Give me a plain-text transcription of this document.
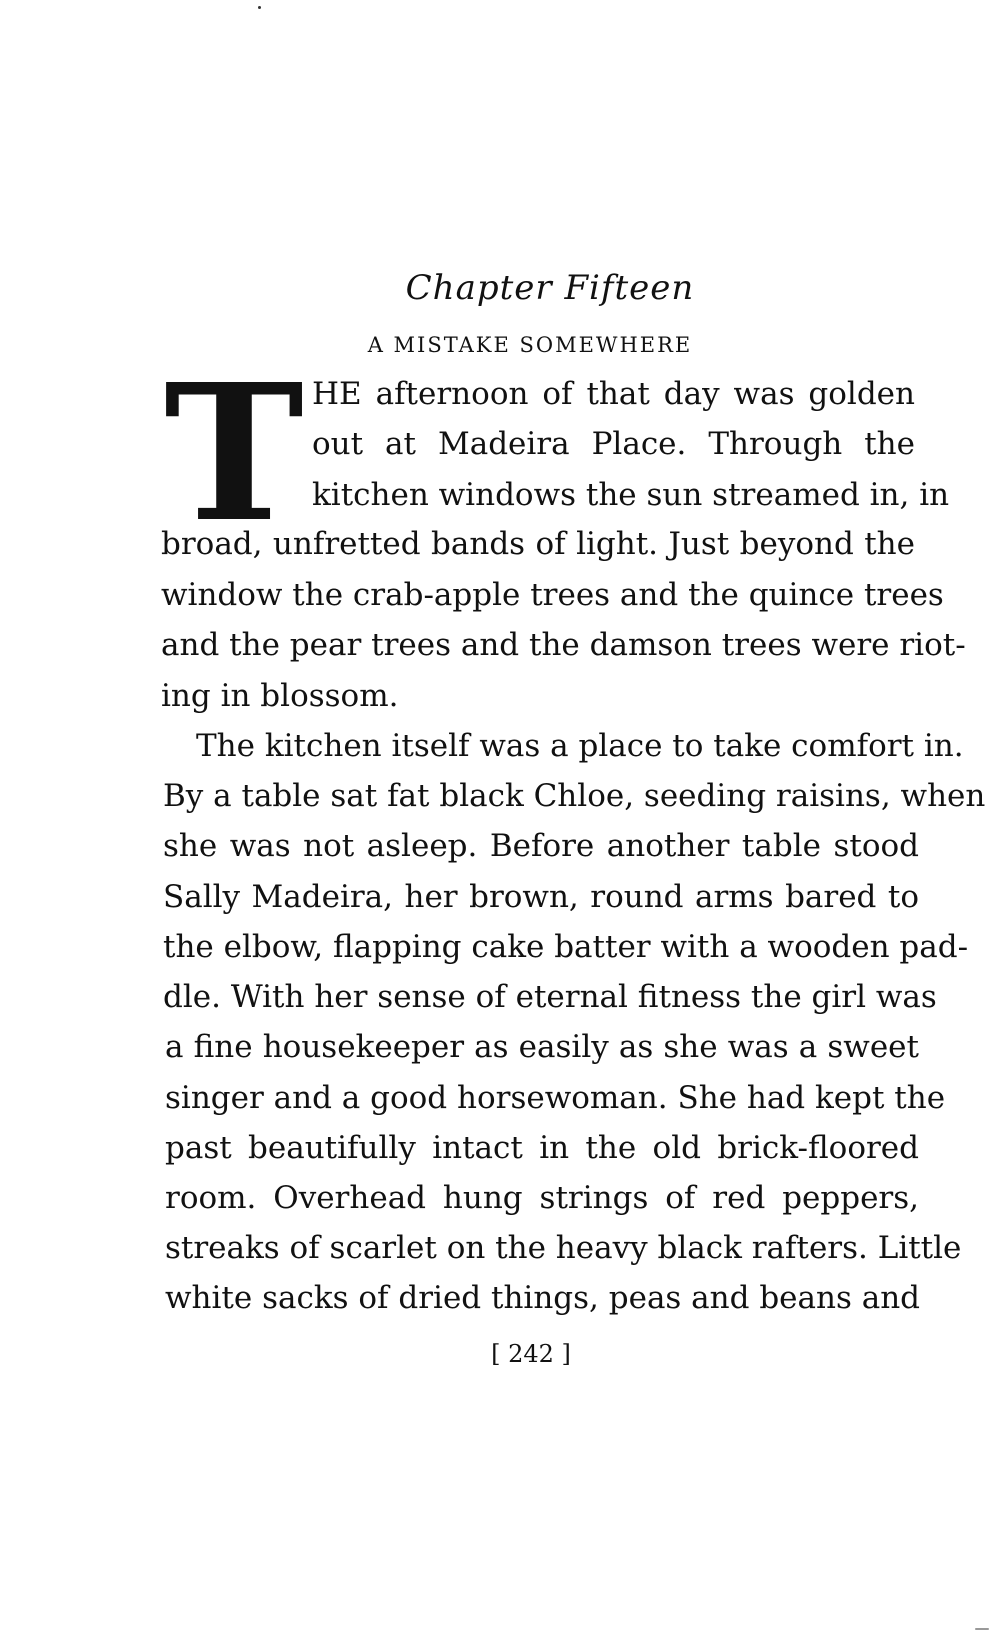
Chapter Fifteen
A MISTAKE SOMEWHERE
T HE afternoon of that day was golden
out at Madeira Place. Through the
kitchen windows the sun streamed in, in
broad, unfretted bands of light. Just beyond the
window the crab-apple trees and the quince trees
and the pear trees and the damson trees were riot-
ing in blossom.
The kitchen itself was a place to take comfort in.
By a table sat fat black Chloe, seeding raisins, when
she was not asleep. Before another table stood
Sally Madeira, her brown, round arms bared to
the elbow, flapping cake batter with a wooden pad-
dle. With her sense of eternal fitness the girl was
a fine housekeeper as easily as she was a sweet
singer and a good horsewoman. She had kept the
past beautifully intact in the old brick-floored
room. Overhead hung strings of red peppers,
streaks of scarlet on the heavy black rafters. Little
white sacks of dried things, peas and beans and
[ 242 ]
